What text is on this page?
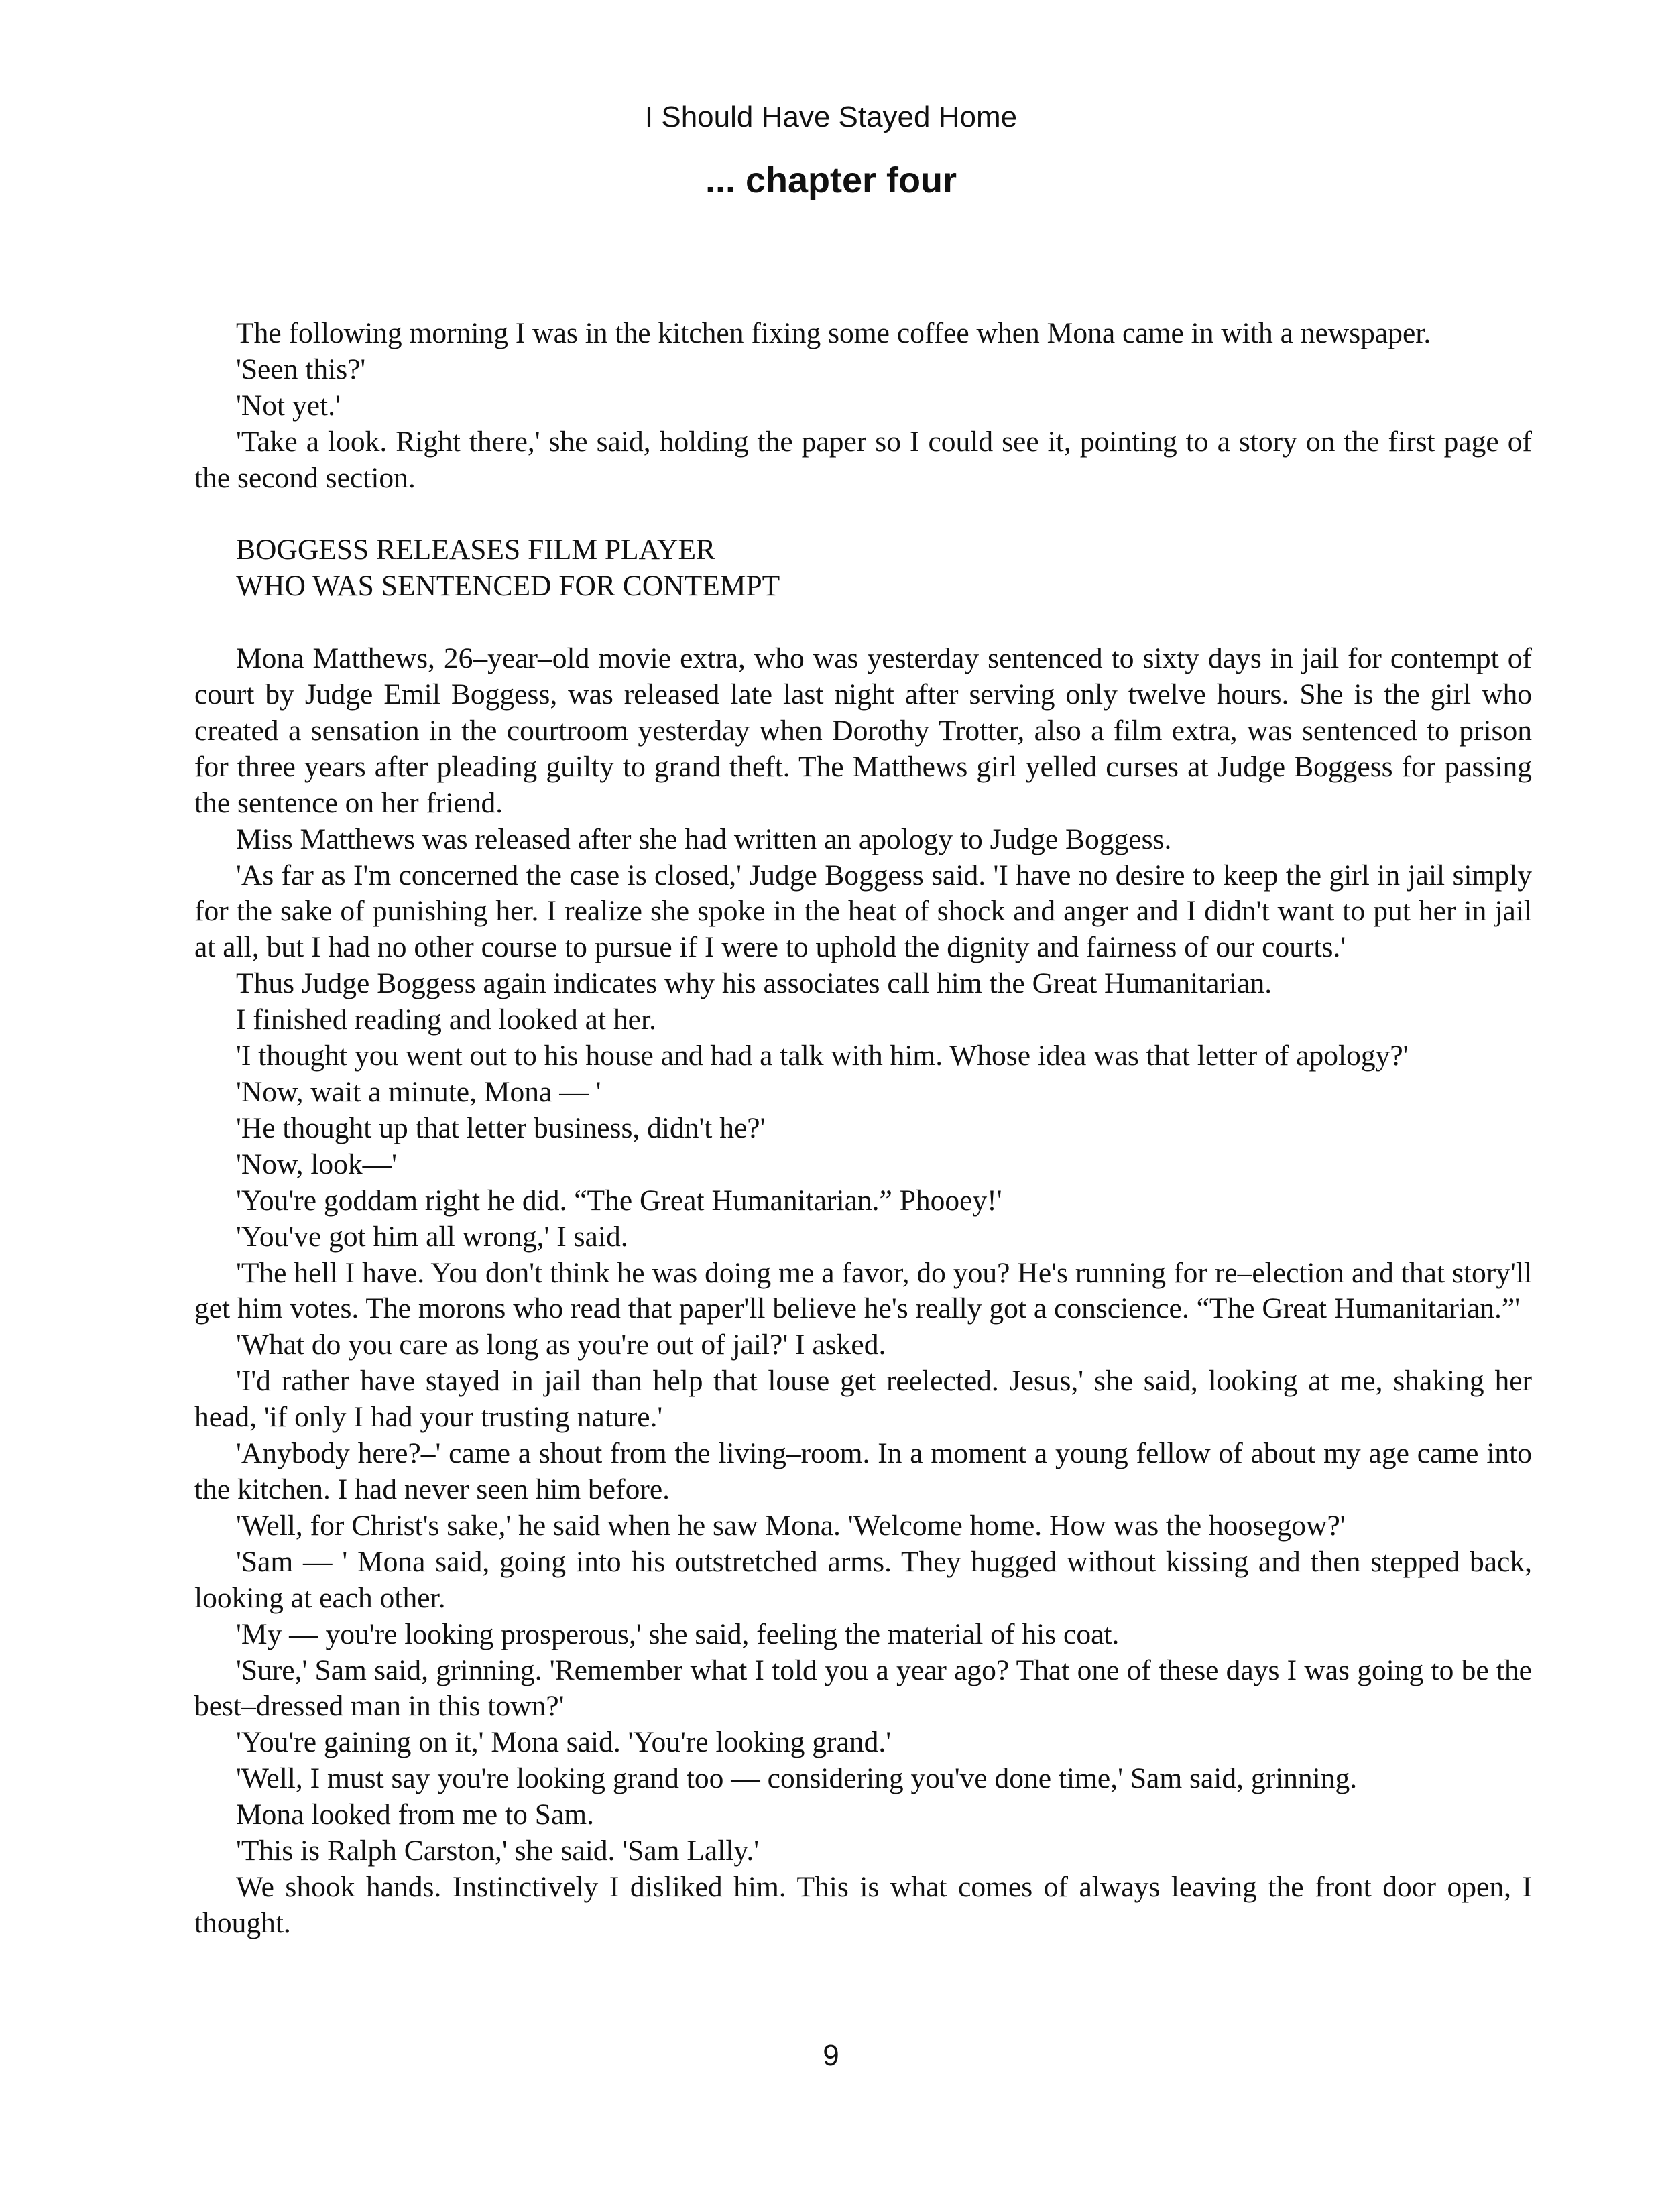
I Should Have Stayed Home
... chapter four

The following morning I was in the kitchen fixing some coffee when Mona came in with a newspaper.

'Seen this?'

'Not yet.'

'Take a look. Right there,' she said, holding the paper so I could see it, pointing to a story on the first page of the second section.

BOGGESS RELEASES FILM PLAYER

WHO WAS SENTENCED FOR CONTEMPT

Mona Matthews, 26–year–old movie extra, who was yesterday sentenced to sixty days in jail for contempt of court by Judge Emil Boggess, was released late last night after serving only twelve hours. She is the girl who created a sensation in the courtroom yesterday when Dorothy Trotter, also a film extra, was sentenced to prison for three years after pleading guilty to grand theft. The Matthews girl yelled curses at Judge Boggess for passing the sentence on her friend.

Miss Matthews was released after she had written an apology to Judge Boggess.

'As far as I'm concerned the case is closed,' Judge Boggess said. 'I have no desire to keep the girl in jail simply for the sake of punishing her. I realize she spoke in the heat of shock and anger and I didn't want to put her in jail at all, but I had no other course to pursue if I were to uphold the dignity and fairness of our courts.'

Thus Judge Boggess again indicates why his associates call him the Great Humanitarian.

I finished reading and looked at her.

'I thought you went out to his house and had a talk with him. Whose idea was that letter of apology?'

'Now, wait a minute, Mona — '

'He thought up that letter business, didn't he?'

'Now, look—'

'You're goddam right he did. “The Great Humanitarian.” Phooey!'

'You've got him all wrong,' I said.

'The hell I have. You don't think he was doing me a favor, do you? He's running for re–election and that story'll get him votes. The morons who read that paper'll believe he's really got a conscience. “The Great Humanitarian.”'

'What do you care as long as you're out of jail?' I asked.

'I'd rather have stayed in jail than help that louse get reelected. Jesus,' she said, looking at me, shaking her head, 'if only I had your trusting nature.'

'Anybody here?–' came a shout from the living–room. In a moment a young fellow of about my age came into the kitchen. I had never seen him before.

'Well, for Christ's sake,' he said when he saw Mona. 'Welcome home. How was the hoosegow?'

'Sam — ' Mona said, going into his outstretched arms. They hugged without kissing and then stepped back, looking at each other.

'My — you're looking prosperous,' she said, feeling the material of his coat.

'Sure,' Sam said, grinning. 'Remember what I told you a year ago? That one of these days I was going to be the best–dressed man in this town?'

'You're gaining on it,' Mona said. 'You're looking grand.'

'Well, I must say you're looking grand too — considering you've done time,' Sam said, grinning.

Mona looked from me to Sam.

'This is Ralph Carston,' she said. 'Sam Lally.'

We shook hands. Instinctively I disliked him. This is what comes of always leaving the front door open, I thought.

9
